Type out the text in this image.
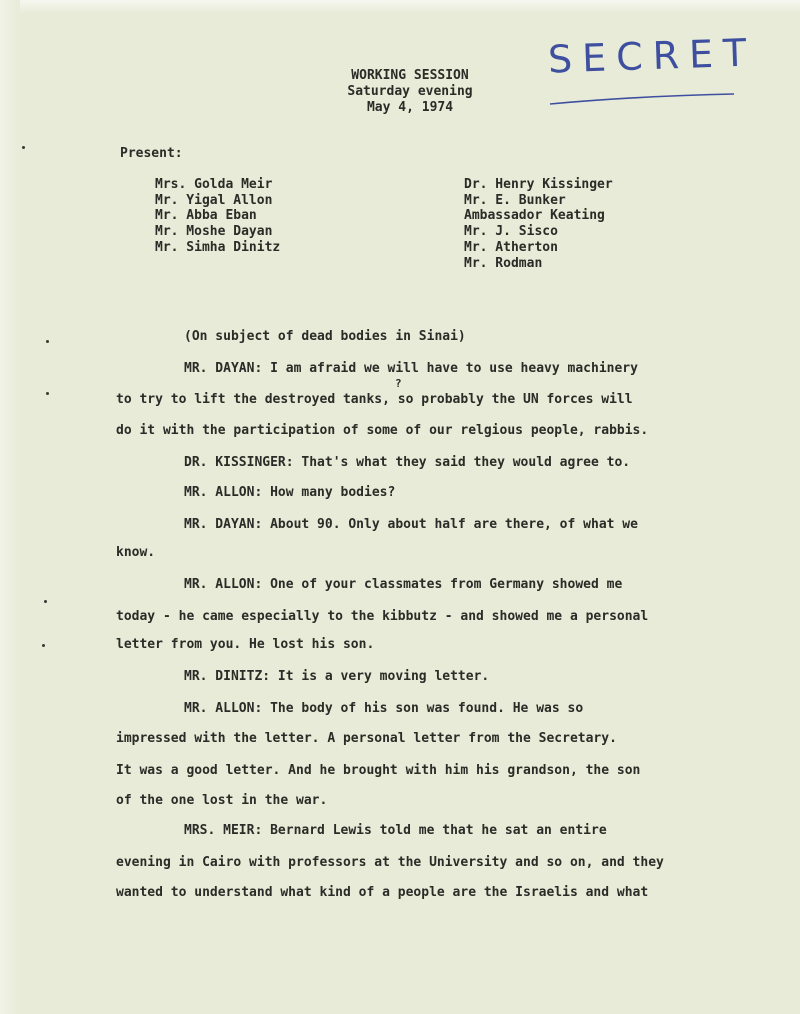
SECRET
WORKING SESSION
Saturday evening
May 4, 1974
Present:
Mrs. Golda Meir
Mr. Yigal Allon
Mr. Abba Eban
Mr. Moshe Dayan
Mr. Simha Dinitz
Dr. Henry Kissinger
Mr. E. Bunker
Ambassador Keating
Mr. J. Sisco
Mr. Atherton
Mr. Rodman
?
(On subject of dead bodies in Sinai)
MR. DAYAN: I am afraid we will have to use heavy machinery
to try to lift the destroyed tanks, so probably the UN forces will
do it with the participation of some of our relgious people, rabbis.
DR. KISSINGER: That's what they said they would agree to.
MR. ALLON: How many bodies?
MR. DAYAN: About 90. Only about half are there, of what we
know.
MR. ALLON: One of your classmates from Germany showed me
today - he came especially to the kibbutz - and showed me a personal
letter from you. He lost his son.
MR. DINITZ: It is a very moving letter.
MR. ALLON: The body of his son was found. He was so
impressed with the letter. A personal letter from the Secretary.
It was a good letter. And he brought with him his grandson, the son
of the one lost in the war.
MRS. MEIR: Bernard Lewis told me that he sat an entire
evening in Cairo with professors at the University and so on, and they
wanted to understand what kind of a people are the Israelis and what
